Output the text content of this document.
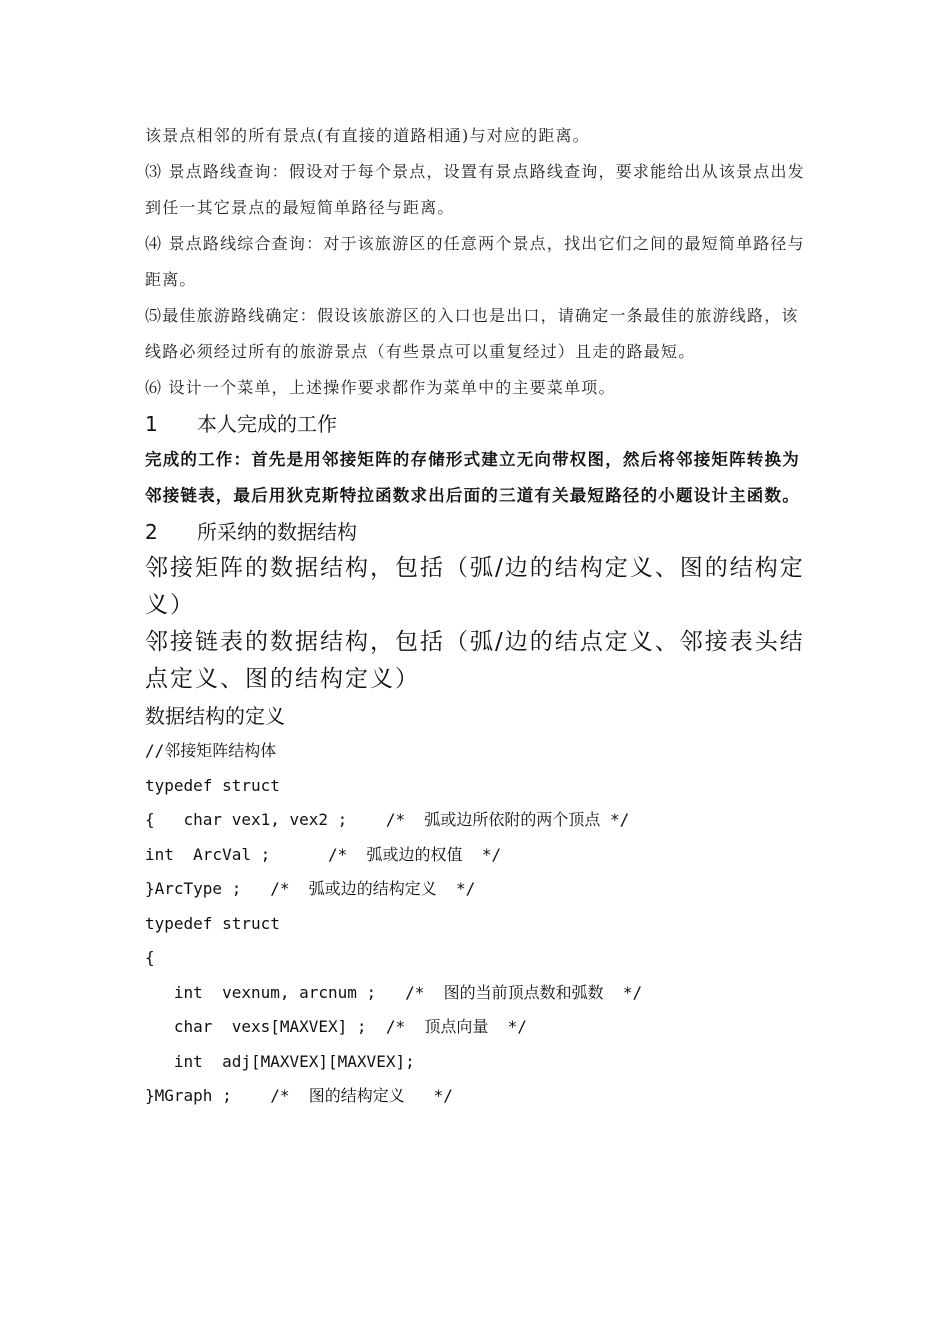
该景点相邻的所有景点(有直接的道路相通)与对应的距离。
⑶ 景点路线查询：假设对于每个景点，设置有景点路线查询，要求能给出从该景点出发到任一其它景点的最短简单路径与距离。
⑷ 景点路线综合查询：对于该旅游区的任意两个景点，找出它们之间的最短简单路径与距离。
⑸最佳旅游路线确定：假设该旅游区的入口也是出口，请确定一条最佳的旅游线路，该线路必须经过所有的旅游景点（有些景点可以重复经过）且走的路最短。
⑹ 设计一个菜单，上述操作要求都作为菜单中的主要菜单项。
1 本人完成的工作
完成的工作：首先是用邻接矩阵的存储形式建立无向带权图，然后将邻接矩阵转换为邻接链表，最后用狄克斯特拉函数求出后面的三道有关最短路径的小题设计主函数。
2 所采纳的数据结构
邻接矩阵的数据结构，包括（弧/边的结构定义、图的结构定义）
邻接链表的数据结构，包括（弧/边的结点定义、邻接表头结点定义、图的结构定义）
数据结构的定义
//邻接矩阵结构体
typedef struct
{   char vex1, vex2 ;    /*  弧或边所依附的两个顶点 */
int  ArcVal ;      /*  弧或边的权值  */
}ArcType ;   /*  弧或边的结构定义  */
typedef struct
{
int  vexnum, arcnum ;   /*  图的当前顶点数和弧数  */
char  vexs[MAXVEX] ;  /*  顶点向量  */
int  adj[MAXVEX][MAXVEX];
}MGraph ;    /*  图的结构定义   */
